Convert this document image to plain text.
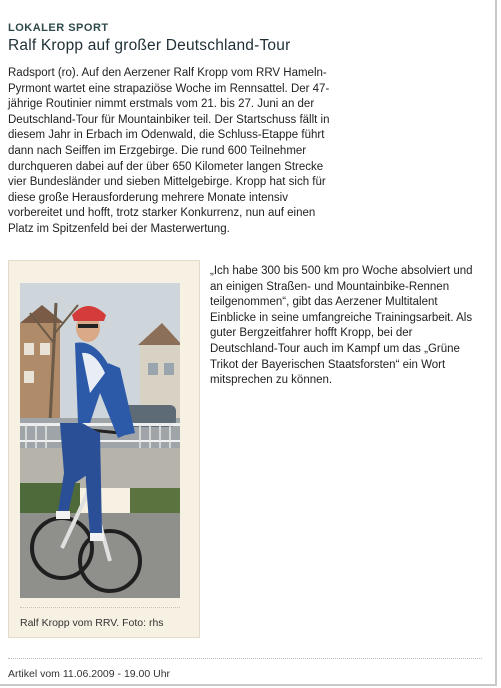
LOKALER SPORT
Ralf Kropp auf großer Deutschland-Tour
Radsport (ro). Auf den Aerzener Ralf Kropp vom RRV Hameln-Pyrmont wartet eine strapaziöse Woche im Rennsattel. Der 47-jährige Routinier nimmt erstmals vom 21. bis 27. Juni an der Deutschland-Tour für Mountainbiker teil. Der Startschuss fällt in diesem Jahr in Erbach im Odenwald, die Schluss-Etappe führt dann nach Seiffen im Erzgebirge. Die rund 600 Teilnehmer durchqueren dabei auf der über 650 Kilometer langen Strecke vier Bundesländer und sieben Mittelgebirge. Kropp hat sich für diese große Herausforderung mehrere Monate intensiv vorbereitet und hofft, trotz starker Konkurrenz, nun auf einen Platz im Spitzenfeld bei der Masterwertung.
Ralf Kropp vom RRV. Foto: rhs
„Ich habe 300 bis 500 km pro Woche absolviert und an einigen Straßen- und Mountainbike-Rennen teilgenommen“, gibt das Aerzener Multitalent Einblicke in seine umfangreiche Trainingsarbeit. Als guter Bergzeitfahrer hofft Kropp, bei der Deutschland-Tour auch im Kampf um das „Grüne Trikot der Bayerischen Staatsforsten“ ein Wort mitsprechen zu können.
Artikel vom 11.06.2009 - 19.00 Uhr
